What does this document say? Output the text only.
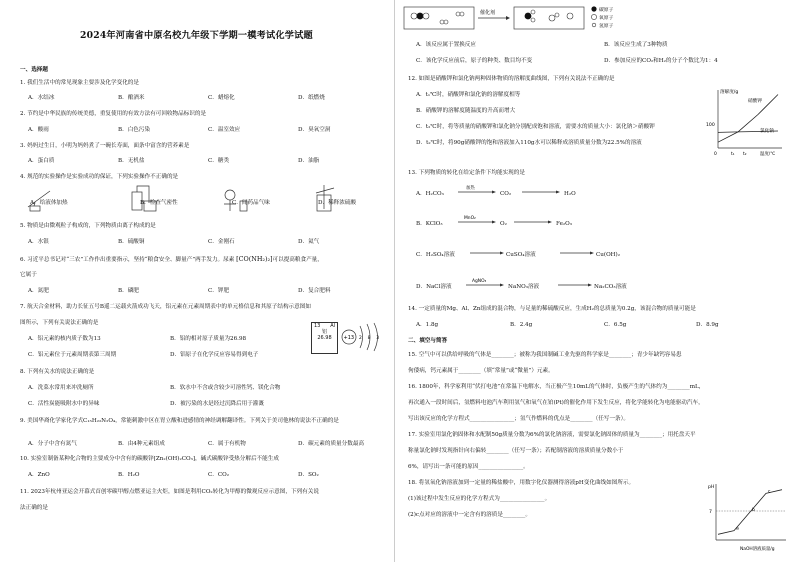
2024年河南省中原名校九年级下学期一模考试化学试题
一、选择题
1. 我们生活中的常见现象主要涉及化学变化的是
A．水结冰	B．酿酒米	C．蜡熔化	D．纸燃烧
2. 节约是中华民族的传统美德，重复使用的有效方法有可回收物品标识的是
A．酸雨	B．白色污染	C．温室效应	D．臭氧空洞
3. 妈妈过生日，小明为妈妈煮了一碗长寿面，面条中富含的营养素是
A．蛋白质	B．无机盐	C．糖类	D．油脂
4. 规范的实验操作是实验成功的保证，下列实验操作不正确的是
A．给液体加热	B．检查气密性	C．闻药品气味	D．稀释浓硫酸
5. 物质是由微观粒子构成的，下列物质由离子构成的是
A．水银	B．硫酸铜	C．金刚石	D．氦气
6. 习近平总书记对“三农”工作作出重要指示，坚持“粮食安全、脚量产”两手发力。尿素 [CO(NH₂)₂]可以提高粮食产量，
它属于
A．氮肥	B．磷肥	C．钾肥	D．复合肥料
7. 航天合金材料，助力长征五号B遥二运载火箭成功飞天，铝元素在元素周期表中的单元格信息和其原子结构示意图如
图所示，下列有关说法正确的是	13	Al
铝
26.98	+13 2 8 3
A．铝元素的核内质子数为13	B．铝的相对原子质量为26.98
C．铝元素位于元素周期表第三周期	D．铝原子在化学反应容易得到电子
8. 下列有关水的说法正确的是
A．洗菜水常用来冲洗厕所	B．软水中不含或含较少可溶性钙、镁化合物
C．活性炭能吸附水中的异味	D．被污染的水是经过沉降后用于灌溉
9. 美国华裔化学家化学式C₁₅H₂₂N₂O₄，常能刺激中区在胃立酸和进感情的神经调解翻译性。下列关于美司他林的说法不正确的是
A．分子中含有氮气	B．由4种元素组成	C．属于有机物	D．碳元素的质量分数最高
10. 实验室制备某种化合物的主要成分中含有的碳酸锌[Zn₂(OH)₂CO₃]，碱式碳酸锌受热分解后不能生成
A．ZnO	B．H₂O	C．CO₂	D．SO₂
11. 2023年杭州亚运会开幕式首创零碳甲醇点燃亚运主火炬，如图是利用CO₂转化为甲醇的微观反应示意图，下列有关说
法正确的是
催化剂	碳原子
氧原子
氢原子
A．该反应属于置换反应	B．该反应生成了3种物质
C．该化学反应前后，原子的种类、数目均不变	D．参加反应的CO₂和H₂的分子个数比为1：4
12. 如图是硝酸钾和氯化钠两种固体物质的溶解度曲线图，下列有关说法不正确的是
A．t₁℃时，硝酸钾和氯化钠的溶解度相等
B．硝酸钾的溶解度随温度的升高而增大
C．t₂℃时，将等质量的硝酸钾和氯化钠分别配成饱和溶液，需要水的质量大小：氯化钠＞硝酸钾
D．t₂℃时，将90g硝酸钾的饱和溶液加入110g水可以稀释成溶质质量分数为22.5%的溶液
溶解度/g
100
0	t₁ t₂	温度/℃
硝酸钾
氯化钠
13. 下列物质的转化在给定条件下均能实现的是
A．H₂CO₃
加热
CO₂	H₂O
B．KClO₃
MnO₂
O₂	Fe₂O₃
C．H₂SO₄溶液	CuSO₄溶液	Cu(OH)₂
D．NaCl溶液
AgNO₃
NaNO₃溶液	Na₂CO₃溶液
14. 一定质量的Mg、Al、Zn组成的混合物，与足量的稀硫酸反应，生成H₂的总质量为0.2g，该混合物的质量可能是
A．1.8g	B．2.4g	C．6.5g	D．8.9g
二、填空与简答
15. 空气中可以供给呼吸的气体是________；被称为我国制碱工业先驱的科学家是________；青少年缺钙容易患
佝偻病，钙元素属于________（填“常量”或“微量”）元素。
16. 1800年，科学家利用“伏打电池”在常温下电解水，当正极产生10mL的气体时，负极产生的气体约为________mL，
再次通入一段时间后，氢燃料电池汽车利用氢气和氧气在铂(Pt)的催化作用下发生反应，将化学能转化为电能驱动汽车，
写出该反应的化学方程式________________；氢气作燃料的优点是________（任写一条）。
17. 实验室用氯化钠固体和水配制50g质量分数为6%的氯化钠溶液，需要氯化钠固体的质量为________；用托盘天平
称量氯化钠时发现指针向右偏转________（任写一条）；若配制溶液的溶质质量分数小于
6%，请写出一条可能的原因________________。
18. 将氢氧化钠溶液加到一定量的稀盐酸中，用数字化仪器测得溶液pH变化曲线如图所示。
(1)该过程中发生反应的化学方程式为________________。
(2)c点对应的溶液中一定含有的溶质是________。
pH
7
a
b
c
NaOH溶液质量/g
